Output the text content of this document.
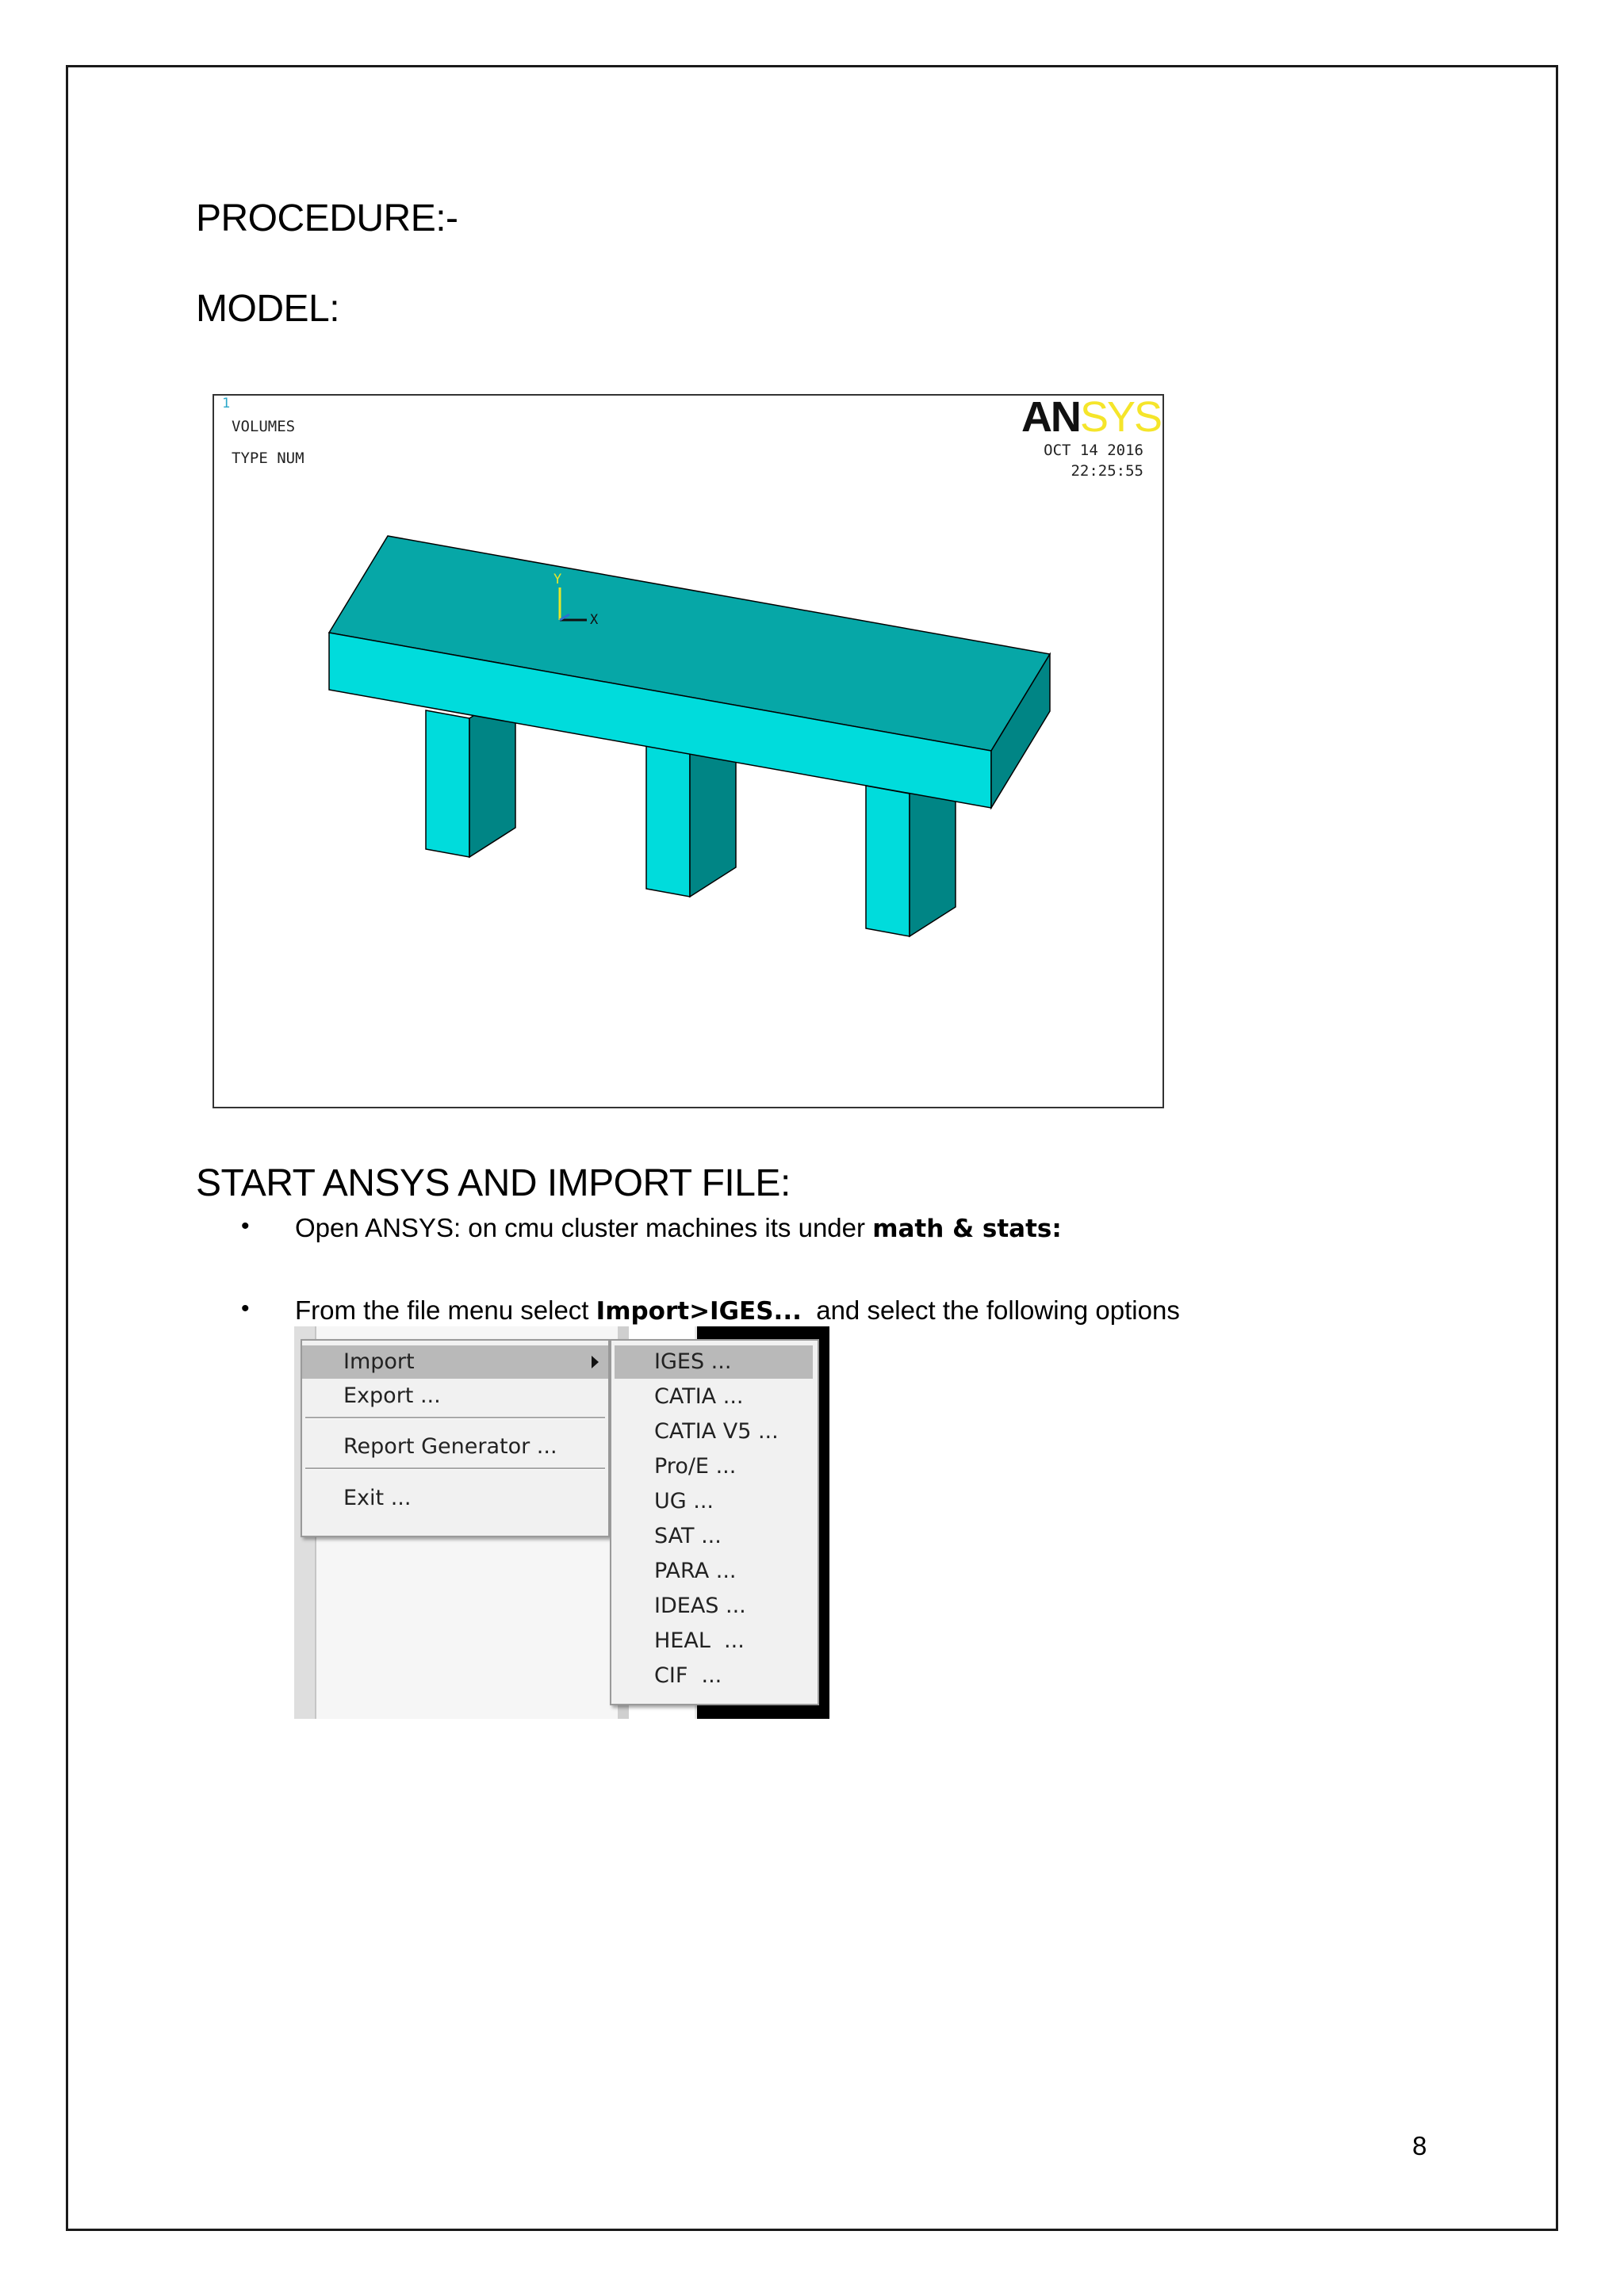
PROCEDURE:-
MODEL:
1
VOLUMES
TYPE NUM
ANSYS
OCT 14 2016
22:25:55
Y
X
START ANSYS AND IMPORT FILE:
• Open ANSYS: on cmu cluster machines its under math & stats:
• From the file menu select Import>IGES...  and select the following options
Import
Export ...
Report Generator ...
Exit ...
IGES ...
CATIA ...
CATIA V5 ...
Pro/E ...
UG ...
SAT ...
PARA ...
IDEAS ...
HEAL  ...
CIF  ...
8
